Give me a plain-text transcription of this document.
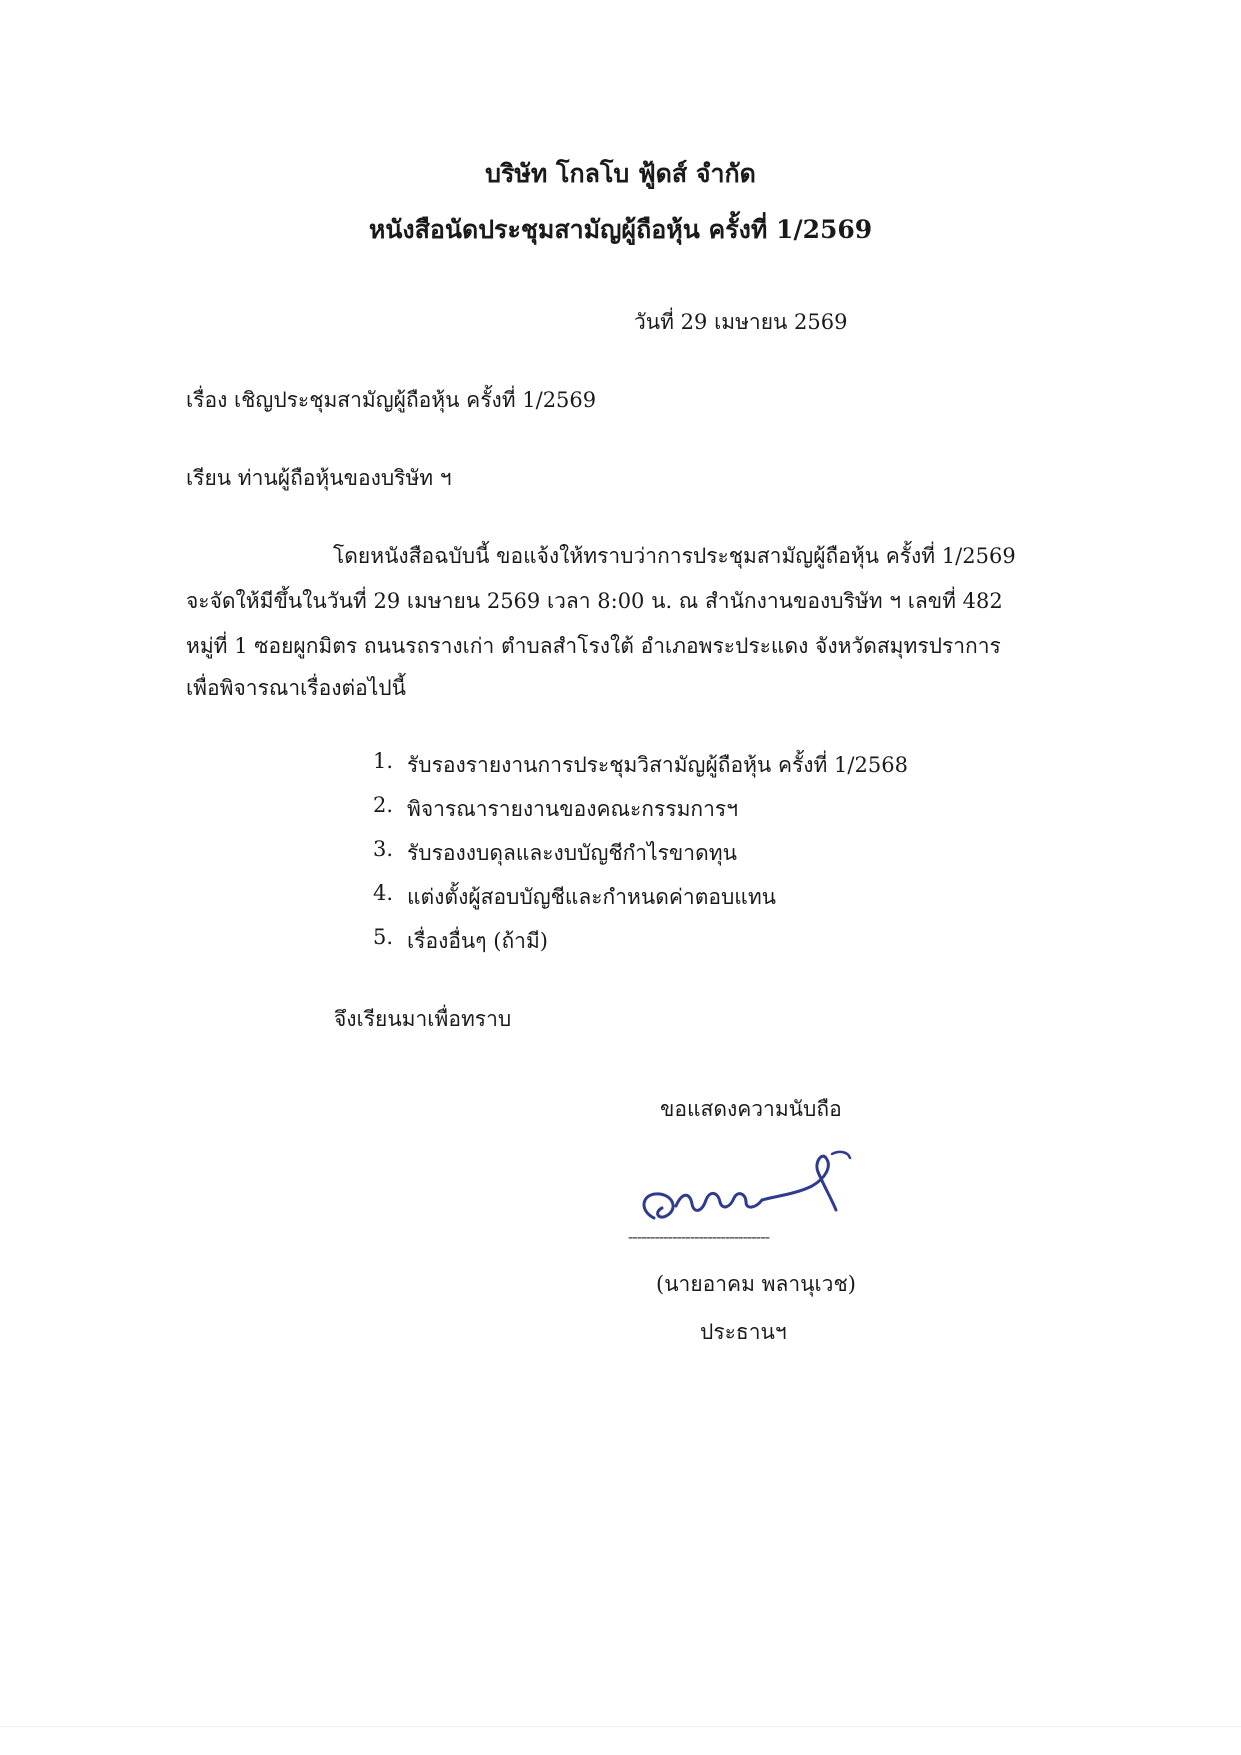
บริษัท โกลโบ ฟู้ดส์ จำกัด
หนังสือนัดประชุมสามัญผู้ถือหุ้น ครั้งที่ 1/2569
วันที่ 29 เมษายน 2569
เรื่อง เชิญประชุมสามัญผู้ถือหุ้น ครั้งที่ 1/2569
เรียน ท่านผู้ถือหุ้นของบริษัท ฯ
โดยหนังสือฉบับนี้ ขอแจ้งให้ทราบว่าการประชุมสามัญผู้ถือหุ้น ครั้งที่ 1/2569
จะจัดให้มีขึ้นในวันที่ 29 เมษายน 2569 เวลา 8:00 น. ณ สำนักงานของบริษัท ฯ เลขที่ 482
หมู่ที่ 1 ซอยผูกมิตร ถนนรถรางเก่า ตำบลสำโรงใต้ อำเภอพระประแดง จังหวัดสมุทรปราการ
เพื่อพิจารณาเรื่องต่อไปนี้
1. รับรองรายงานการประชุมวิสามัญผู้ถือหุ้น ครั้งที่ 1/2568
2. พิจารณารายงานของคณะกรรมการฯ
3. รับรองงบดุลและงบบัญชีกำไรขาดทุน
4. แต่งตั้งผู้สอบบัญชีและกำหนดค่าตอบแทน
5. เรื่องอื่นๆ (ถ้ามี)
จึงเรียนมาเพื่อทราบ
ขอแสดงความนับถือ
--------------------------------
(นายอาคม พลานุเวช)
ประธานฯ
